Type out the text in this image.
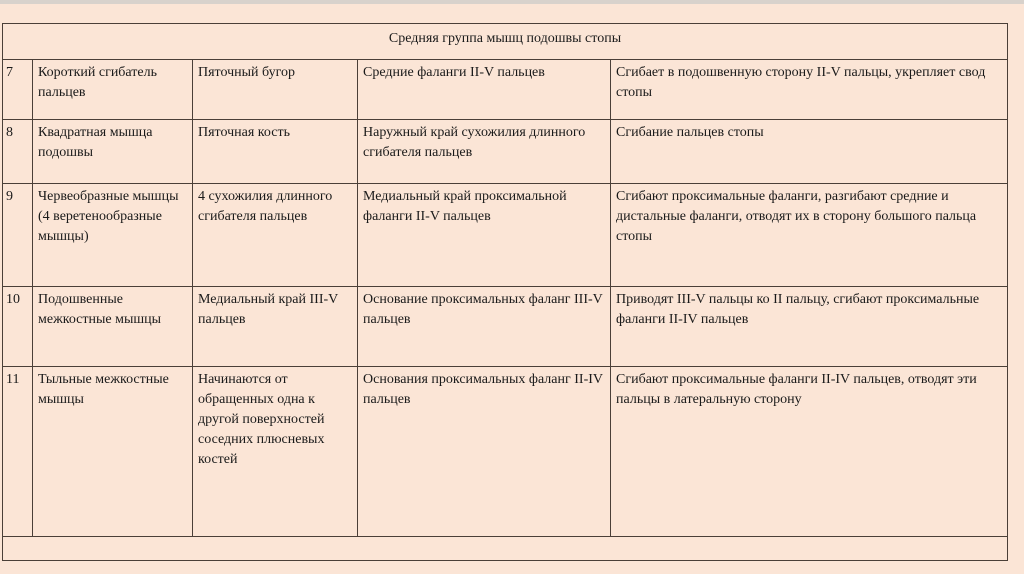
Средняя группа мышц подошвы стопы				
7	Короткий сгибатель пальцев	Пяточный бугор	Средние фаланги II-V пальцев	Сгибает в подошвенную сторону II-V пальцы, укрепляет свод стопы
8	Квадратная мышца подошвы	Пяточная кость	Наружный край сухожилия длинного сгибателя пальцев	Сгибание пальцев стопы
9	Червеобразные мышцы (4 веретенообразные мышцы)	4 сухожилия длинного сгибателя пальцев	Медиальный край проксимальной фаланги II-V пальцев	Сгибают проксимальные фаланги, разгибают средние и дистальные фаланги, отводят их в сторону большого пальца стопы
10	Подошвенные межкостные мышцы	Медиальный край III-V пальцев	Основание проксимальных фаланг III-V пальцев	Приводят III-V пальцы ко II пальцу, сгибают проксимальные фаланги II-IV пальцев
11	Тыльные межкостные мышцы	Начинаются от обращенных одна к другой поверхностей соседних плюсневых костей	Основания проксимальных фаланг II-IV пальцев	Сгибают проксимальные фаланги II-IV пальцев, отводят эти пальцы в латеральную сторону
